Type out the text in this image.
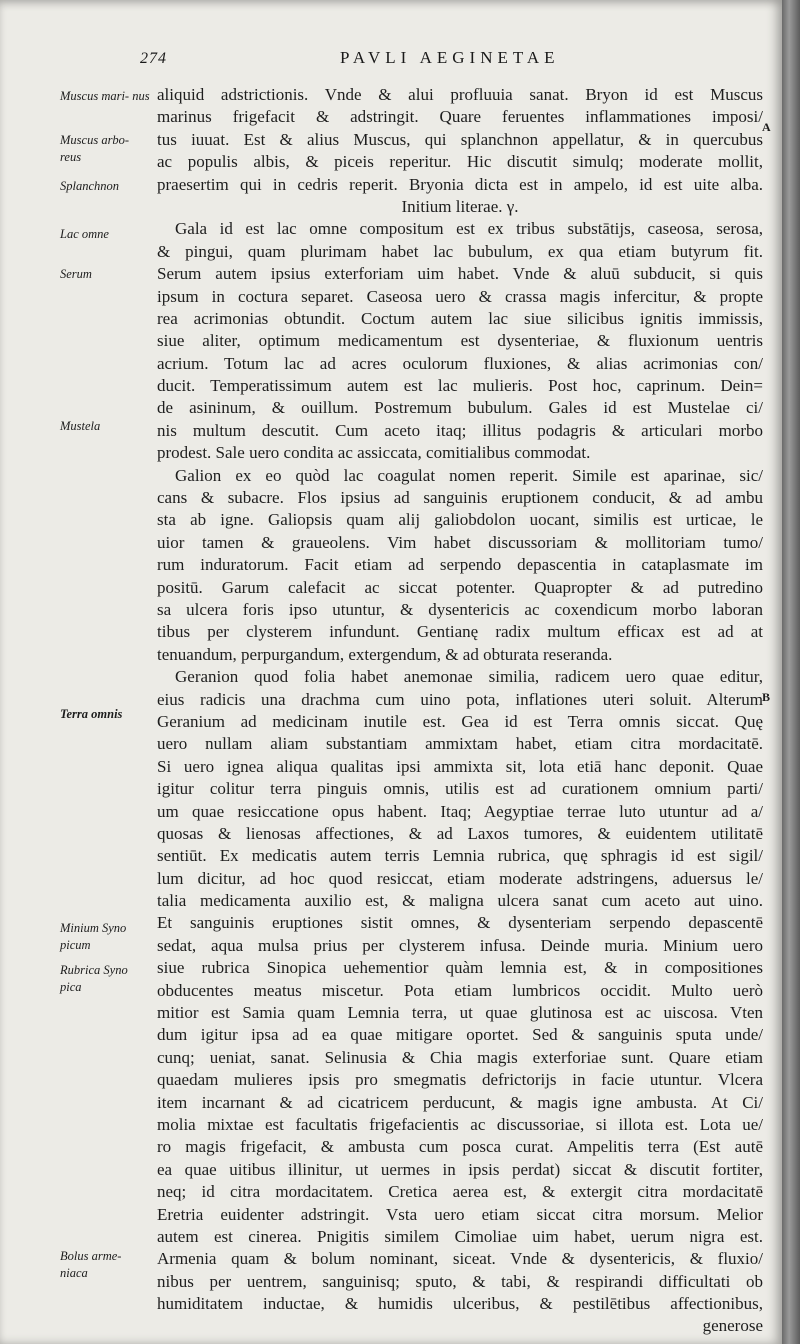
274	PAVLI AEGINETAE
Muscus mari- nus
Muscus arbo- reus
Splanchnon
Lac omne
Serum
Mustela
Terra omnis
Minium Syno picum
Rubrica Syno pica
Bolus arme- niaca
A
B
aliquid adstrictionis. Vnde & alui profluuia sanat. Bryon id est Muscus
marinus frigefacit & adstringit. Quare feruentes inflammationes imposi/
tus iuuat. Est & alius Muscus, qui splanchnon appellatur, & in quercubus
ac populis albis, & piceis reperitur. Hic discutit simulq; moderate mollit,
praesertim qui in cedris reperit. Bryonia dicta est in ampelo, id est uite alba.
Initium literae. γ.
Gala id est lac omne compositum est ex tribus substātijs, caseosa, serosa,
& pingui, quam plurimam habet lac bubulum, ex qua etiam butyrum fit.
Serum autem ipsius exterforiam uim habet. Vnde & aluū subducit, si quis
ipsum in coctura separet. Caseosa uero & crassa magis infercitur, & propte
rea acrimonias obtundit. Coctum autem lac siue silicibus ignitis immissis,
siue aliter, optimum medicamentum est dysenteriae, & fluxionum uentris
acrium. Totum lac ad acres oculorum fluxiones, & alias acrimonias con/
ducit. Temperatissimum autem est lac mulieris. Post hoc, caprinum. Dein=
de asininum, & ouillum. Postremum bubulum. Gales id est Mustelae ci/
nis multum descutit. Cum aceto itaq; illitus podagris & articulari morbo
prodest. Sale uero condita ac assiccata, comitialibus commodat.
Galion ex eo quòd lac coagulat nomen reperit. Simile est aparinae, sic/
cans & subacre. Flos ipsius ad sanguinis eruptionem conducit, & ad ambu
sta ab igne. Galiopsis quam alij galiobdolon uocant, similis est urticae, le
uior tamen & graueolens. Vim habet discussoriam & mollitoriam tumo/
rum induratorum. Facit etiam ad serpendo depascentia in cataplasmate im
positū. Garum calefacit ac siccat potenter. Quapropter & ad putredino
sa ulcera foris ipso utuntur, & dysentericis ac coxendicum morbo laboran
tibus per clysterem infundunt. Gentianę radix multum efficax est ad at
tenuandum, perpurgandum, extergendum, & ad obturata reseranda.
Geranion quod folia habet anemonae similia, radicem uero quae editur,
eius radicis una drachma cum uino pota, inflationes uteri soluit. Alterum
Geranium ad medicinam inutile est. Gea id est Terra omnis siccat. Quę
uero nullam aliam substantiam ammixtam habet, etiam citra mordacitatē.
Si uero ignea aliqua qualitas ipsi ammixta sit, lota etiā hanc deponit. Quae
igitur colitur terra pinguis omnis, utilis est ad curationem omnium parti/
um quae resiccatione opus habent. Itaq; Aegyptiae terrae luto utuntur ad a/
quosas & lienosas affectiones, & ad Laxos tumores, & euidentem utilitatē
sentiūt. Ex medicatis autem terris Lemnia rubrica, quę sphragis id est sigil/
lum dicitur, ad hoc quod resiccat, etiam moderate adstringens, aduersus le/
talia medicamenta auxilio est, & maligna ulcera sanat cum aceto aut uino.
Et sanguinis eruptiones sistit omnes, & dysenteriam serpendo depascentē
sedat, aqua mulsa prius per clysterem infusa. Deinde muria. Minium uero
siue rubrica Sinopica uehementior quàm lemnia est, & in compositiones
obducentes meatus miscetur. Pota etiam lumbricos occidit. Multo uerò
mitior est Samia quam Lemnia terra, ut quae glutinosa est ac uiscosa. Vten
dum igitur ipsa ad ea quae mitigare oportet. Sed & sanguinis sputa unde/
cunq; ueniat, sanat. Selinusia & Chia magis exterforiae sunt. Quare etiam
quaedam mulieres ipsis pro smegmatis defrictorijs in facie utuntur. Vlcera
item incarnant & ad cicatricem perducunt, & magis igne ambusta. At Ci/
molia mixtae est facultatis frigefacientis ac discussoriae, si illota est. Lota ue/
ro magis frigefacit, & ambusta cum posca curat. Ampelitis terra (Est autē
ea quae uitibus illinitur, ut uermes in ipsis perdat) siccat & discutit fortiter,
neq; id citra mordacitatem. Cretica aerea est, & extergit citra mordacitatē
Eretria euidenter adstringit. Vsta uero etiam siccat citra morsum. Melior
autem est cinerea. Pnigitis similem Cimoliae uim habet, uerum nigra est.
Armenia quam & bolum nominant, siceat. Vnde & dysentericis, & fluxio/
nibus per uentrem, sanguinisq; sputo, & tabi, & respirandi difficultati ob
humiditatem inductae, & humidis ulceribus, & pestilētibus affectionibus,
generose
